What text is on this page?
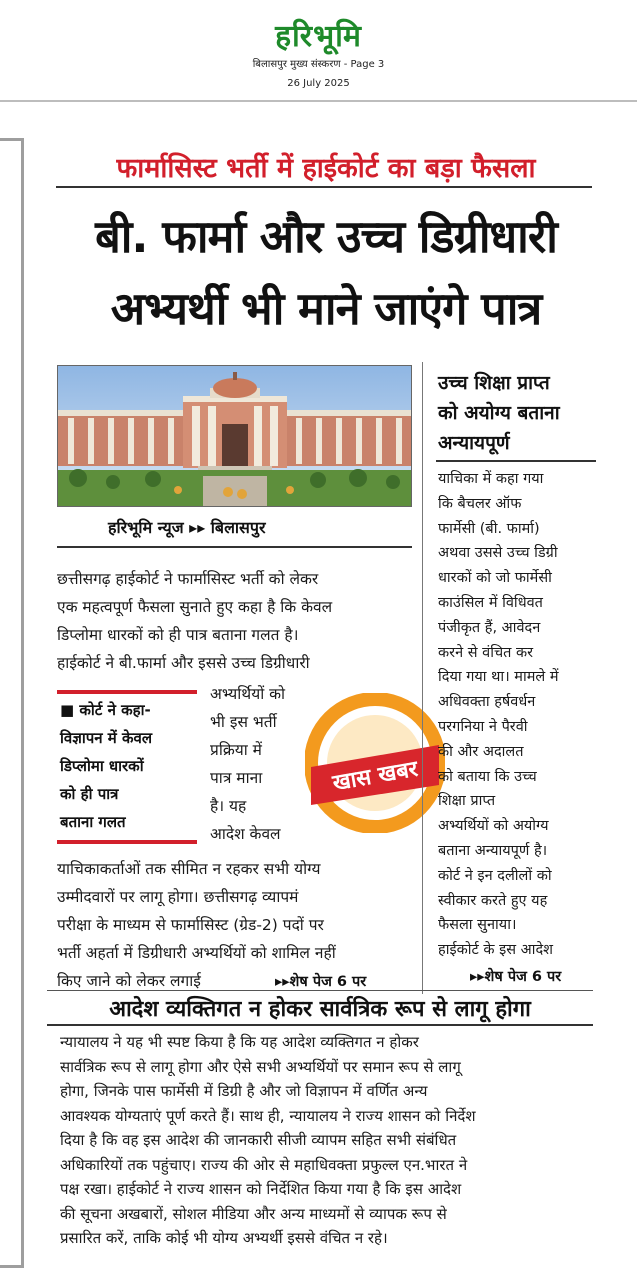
हरिभूमि
बिलासपुर मुख्य संस्करण - Page 3
26 July 2025
फार्मासिस्ट भर्ती में हाईकोर्ट का बड़ा फैसला
बी. फार्मा और उच्च डिग्रीधारी
अभ्यर्थी भी माने जाएंगे पात्र
हरिभूमि न्यूज ▸▸ बिलासपुर
छत्तीसगढ़ हाईकोर्ट ने फार्मासिस्ट भर्ती को लेकर
एक महत्वपूर्ण फैसला सुनाते हुए कहा है कि केवल
डिप्लोमा धारकों को ही पात्र बताना गलत है।
हाईकोर्ट ने बी.फार्मा और इससे उच्च डिग्रीधारी
■ कोर्ट ने कहा-
विज्ञापन में केवल
डिप्लोमा धारकों
को ही पात्र
बताना गलत
अभ्यर्थियों को
भी इस भर्ती
प्रक्रिया में
पात्र माना
है। यह
आदेश केवल
खास खबर
याचिकाकर्ताओं तक सीमित न रहकर सभी योग्य
उम्मीदवारों पर लागू होगा। छत्तीसगढ़ व्यापमं
परीक्षा के माध्यम से फार्मासिस्ट (ग्रेड-2) पदों पर
भर्ती अहर्ता में डिग्रीधारी अभ्यर्थियों को शामिल नहीं
किए जाने को लेकर लगाई	▸▸शेष पेज 6 पर
उच्च शिक्षा प्राप्त
को अयोग्य बताना
अन्यायपूर्ण
याचिका में कहा गया
कि बैचलर ऑफ
फार्मेसी (बी. फार्मा)
अथवा उससे उच्च डिग्री
धारकों को जो फार्मेसी
काउंसिल में विधिवत
पंजीकृत हैं, आवेदन
करने से वंचित कर
दिया गया था। मामले में
अधिवक्ता हर्षवर्धन
परगनिया ने पैरवी
की और अदालत
को बताया कि उच्च
शिक्षा प्राप्त
अभ्यर्थियों को अयोग्य
बताना अन्यायपूर्ण है।
कोर्ट ने इन दलीलों को
स्वीकार करते हुए यह
फैसला सुनाया।
हाईकोर्ट के इस आदेश
▸▸शेष पेज 6 पर
आदेश व्यक्तिगत न होकर सार्वत्रिक रूप से लागू होगा
न्यायालय ने यह भी स्पष्ट किया है कि यह आदेश व्यक्तिगत न होकर
सार्वत्रिक रूप से लागू होगा और ऐसे सभी अभ्यर्थियों पर समान रूप से लागू
होगा, जिनके पास फार्मेसी में डिग्री है और जो विज्ञापन में वर्णित अन्य
आवश्यक योग्यताएं पूर्ण करते हैं। साथ ही, न्यायालय ने राज्य शासन को निर्देश
दिया है कि वह इस आदेश की जानकारी सीजी व्यापम सहित सभी संबंधित
अधिकारियों तक पहुंचाए। राज्य की ओर से महाधिवक्ता प्रफुल्ल एन.भारत ने
पक्ष रखा। हाईकोर्ट ने राज्य शासन को निर्देशित किया गया है कि इस आदेश
की सूचना अखबारों, सोशल मीडिया और अन्य माध्यमों से व्यापक रूप से
प्रसारित करें, ताकि कोई भी योग्य अभ्यर्थी इससे वंचित न रहे।
